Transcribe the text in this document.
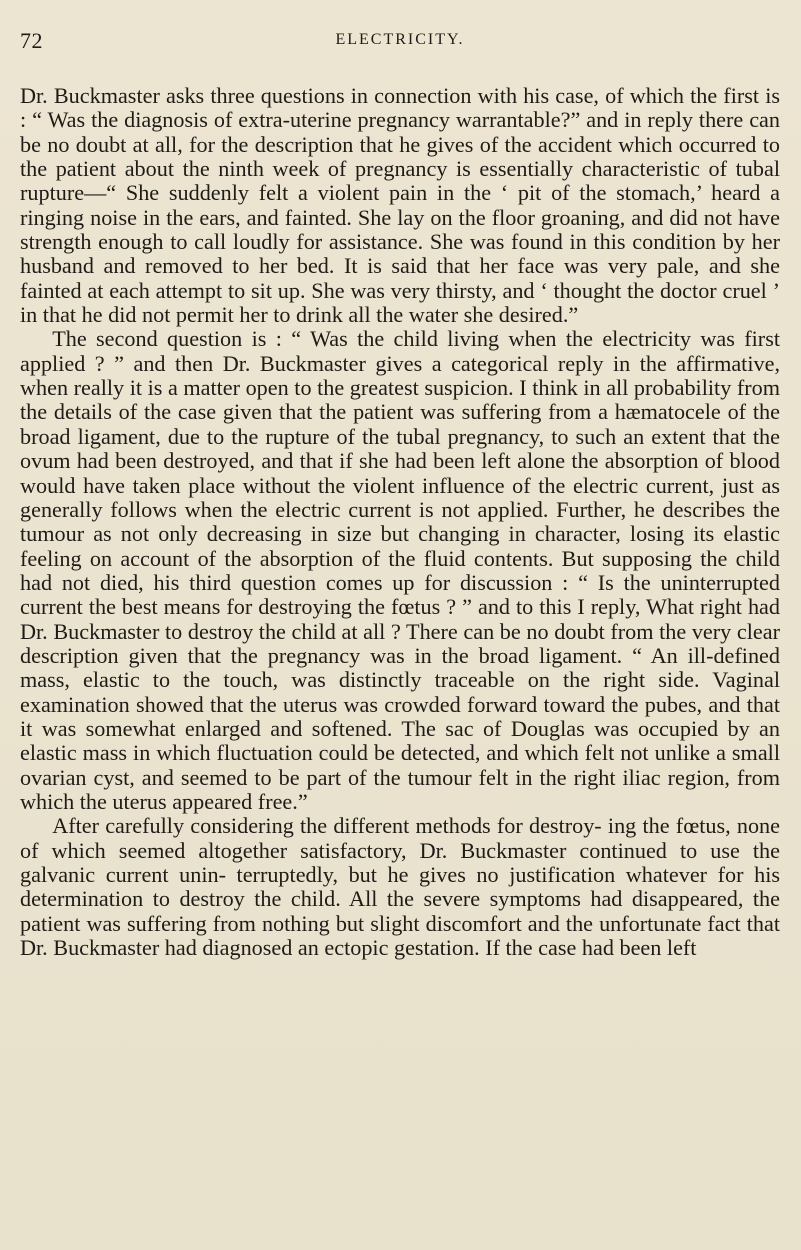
72	ELECTRICITY.

Dr. Buckmaster asks three questions in connection with his case, of which the first is : “ Was the diagnosis of extra-uterine pregnancy warrantable?” and in reply there can be no doubt at all, for the description that he gives of the accident which occurred to the patient about the ninth week of pregnancy is essentially characteristic of tubal rupture—“ She suddenly felt a violent pain in the ‘ pit of the stomach,’ heard a ringing noise in the ears, and fainted. She lay on the floor groaning, and did not have strength enough to call loudly for assistance. She was found in this condition by her husband and removed to her bed. It is said that her face was very pale, and she fainted at each attempt to sit up. She was very thirsty, and ‘ thought the doctor cruel ’ in that he did not permit her to drink all the water she desired.”

The second question is : “ Was the child living when the electricity was first applied ? ” and then Dr. Buckmaster gives a categorical reply in the affirmative, when really it is a matter open to the greatest suspicion. I think in all probability from the details of the case given that the patient was suffering from a hæmatocele of the broad ligament, due to the rupture of the tubal pregnancy, to such an extent that the ovum had been destroyed, and that if she had been left alone the absorption of blood would have taken place without the violent influence of the electric current, just as generally follows when the electric current is not applied. Further, he describes the tumour as not only decreasing in size but changing in character, losing its elastic feeling on account of the absorption of the fluid contents. But supposing the child had not died, his third question comes up for discussion : “ Is the uninterrupted current the best means for destroying the fœtus ? ” and to this I reply, What right had Dr. Buckmaster to destroy the child at all ? There can be no doubt from the very clear description given that the pregnancy was in the broad ligament. “ An ill-defined mass, elastic to the touch, was distinctly traceable on the right side. Vaginal examination showed that the uterus was crowded forward toward the pubes, and that it was somewhat enlarged and softened. The sac of Douglas was occupied by an elastic mass in which fluctuation could be detected, and which felt not unlike a small ovarian cyst, and seemed to be part of the tumour felt in the right iliac region, from which the uterus appeared free.”

After carefully considering the different methods for destroy- ing the fœtus, none of which seemed altogether satisfactory, Dr. Buckmaster continued to use the galvanic current unin- terruptedly, but he gives no justification whatever for his determination to destroy the child. All the severe symptoms had disappeared, the patient was suffering from nothing but slight discomfort and the unfortunate fact that Dr. Buckmaster had diagnosed an ectopic gestation. If the case had been left
